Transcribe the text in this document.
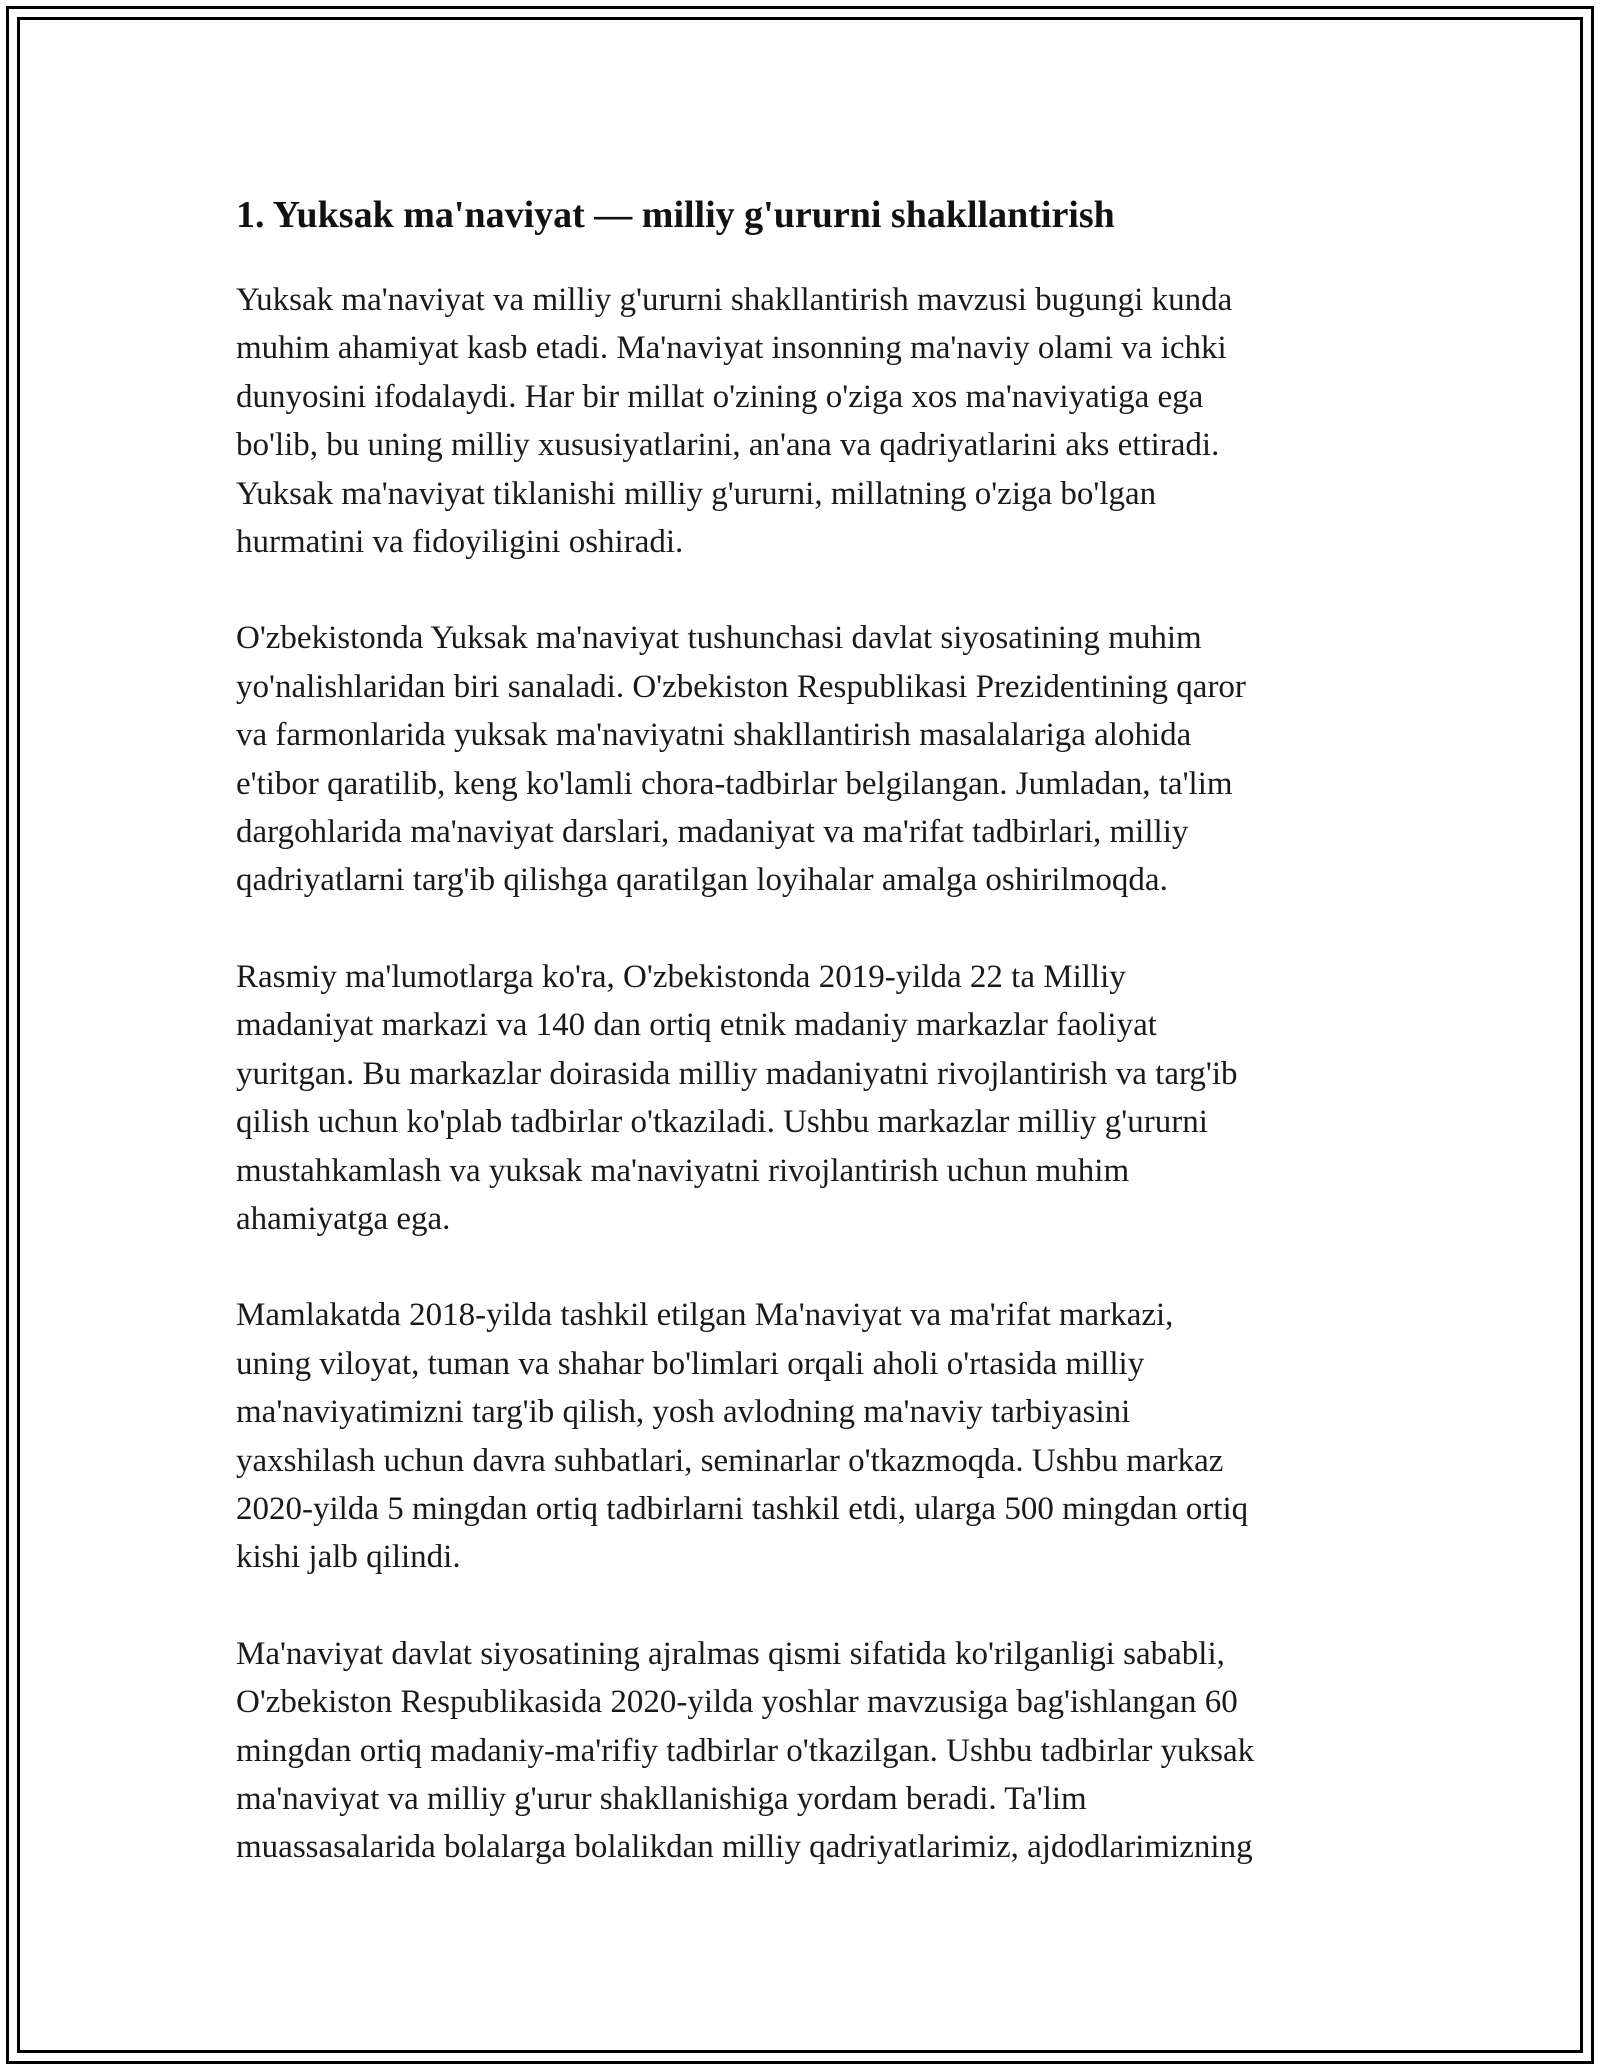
1. Yuksak ma'naviyat — milliy g'ururni shakllantirish

Yuksak ma'naviyat va milliy g'ururni shakllantirish mavzusi bugungi kunda
muhim ahamiyat kasb etadi. Ma'naviyat insonning ma'naviy olami va ichki
dunyosini ifodalaydi. Har bir millat o'zining o'ziga xos ma'naviyatiga ega
bo'lib, bu uning milliy xususiyatlarini, an'ana va qadriyatlarini aks ettiradi.
Yuksak ma'naviyat tiklanishi milliy g'ururni, millatning o'ziga bo'lgan
hurmatini va fidoyiligini oshiradi.

O'zbekistonda Yuksak ma'naviyat tushunchasi davlat siyosatining muhim
yo'nalishlaridan biri sanaladi. O'zbekiston Respublikasi Prezidentining qaror
va farmonlarida yuksak ma'naviyatni shakllantirish masalalariga alohida
e'tibor qaratilib, keng ko'lamli chora-tadbirlar belgilangan. Jumladan, ta'lim
dargohlarida ma'naviyat darslari, madaniyat va ma'rifat tadbirlari, milliy
qadriyatlarni targ'ib qilishga qaratilgan loyihalar amalga oshirilmoqda.

Rasmiy ma'lumotlarga ko'ra, O'zbekistonda 2019-yilda 22 ta Milliy
madaniyat markazi va 140 dan ortiq etnik madaniy markazlar faoliyat
yuritgan. Bu markazlar doirasida milliy madaniyatni rivojlantirish va targ'ib
qilish uchun ko'plab tadbirlar o'tkaziladi. Ushbu markazlar milliy g'ururni
mustahkamlash va yuksak ma'naviyatni rivojlantirish uchun muhim
ahamiyatga ega.

Mamlakatda 2018-yilda tashkil etilgan Ma'naviyat va ma'rifat markazi,
uning viloyat, tuman va shahar bo'limlari orqali aholi o'rtasida milliy
ma'naviyatimizni targ'ib qilish, yosh avlodning ma'naviy tarbiyasini
yaxshilash uchun davra suhbatlari, seminarlar o'tkazmoqda. Ushbu markaz
2020-yilda 5 mingdan ortiq tadbirlarni tashkil etdi, ularga 500 mingdan ortiq
kishi jalb qilindi.

Ma'naviyat davlat siyosatining ajralmas qismi sifatida ko'rilganligi sababli,
O'zbekiston Respublikasida 2020-yilda yoshlar mavzusiga bag'ishlangan 60
mingdan ortiq madaniy-ma'rifiy tadbirlar o'tkazilgan. Ushbu tadbirlar yuksak
ma'naviyat va milliy g'urur shakllanishiga yordam beradi. Ta'lim
muassasalarida bolalarga bolalikdan milliy qadriyatlarimiz, ajdodlarimizning
